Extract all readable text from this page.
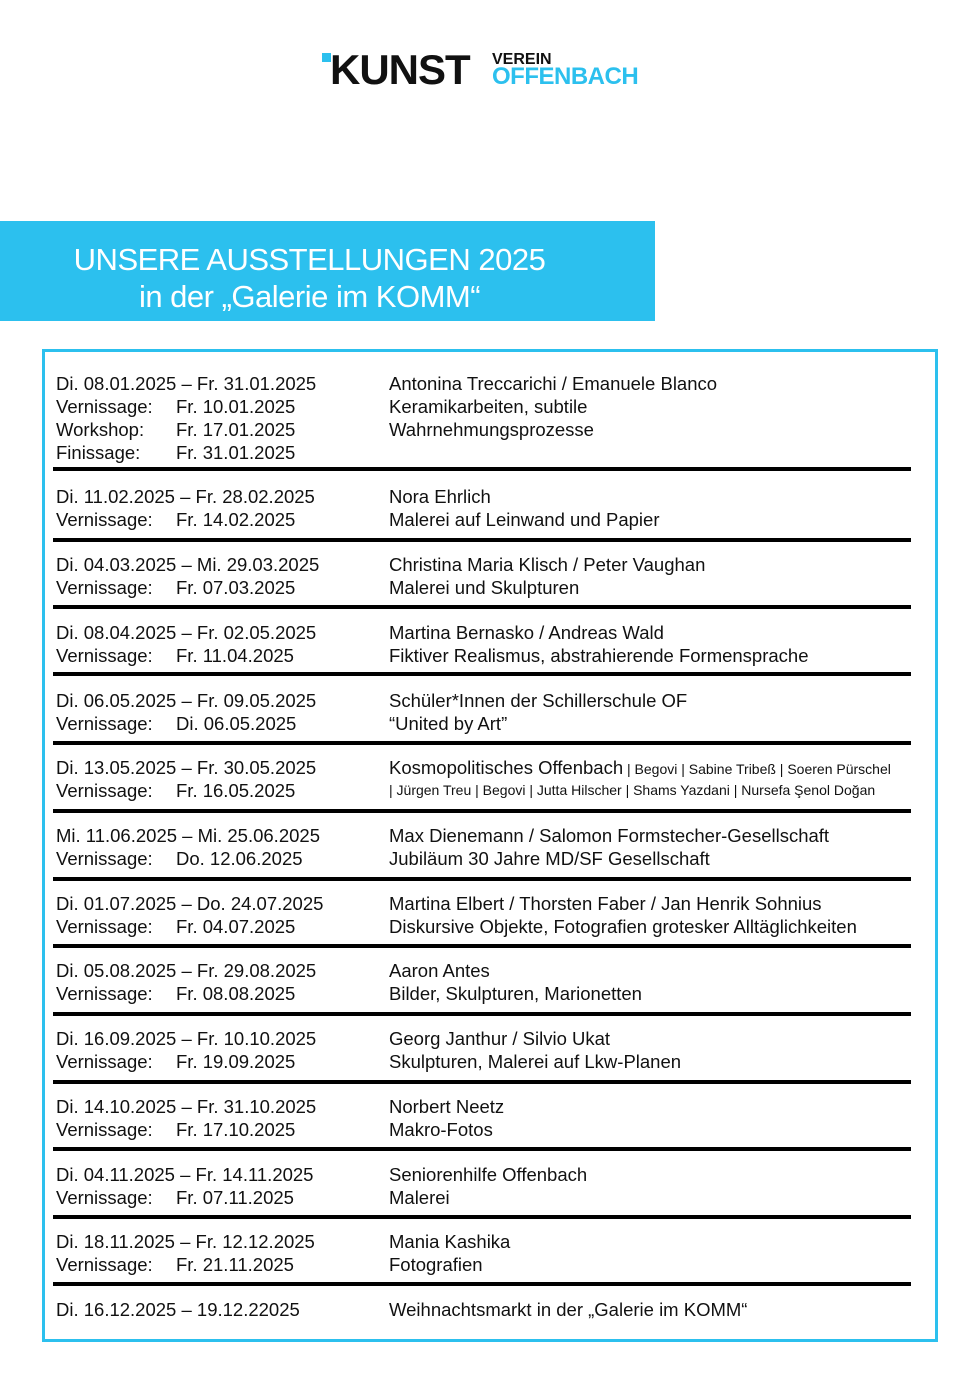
KUNST VEREIN
OFFENBACH
UNSERE AUSSTELLUNGEN 2025
in der „Galerie im KOMM“
Di. 08.01.2025 – Fr. 31.01.2025
Vernissage: Fr. 10.01.2025
Workshop: Fr. 17.01.2025
Finissage: Fr. 31.01.2025
Antonina Treccarichi / Emanuele Blanco
Keramikarbeiten, subtile
Wahrnehmungsprozesse
Di. 11.02.2025 – Fr. 28.02.2025
Vernissage: Fr. 14.02.2025
Nora Ehrlich
Malerei auf Leinwand und Papier
Di. 04.03.2025 – Mi. 29.03.2025
Vernissage: Fr. 07.03.2025
Christina Maria Klisch / Peter Vaughan
Malerei und Skulpturen
Di. 08.04.2025 – Fr. 02.05.2025
Vernissage: Fr. 11.04.2025
Martina Bernasko / Andreas Wald
Fiktiver Realismus, abstrahierende Formensprache
Di. 06.05.2025 – Fr. 09.05.2025
Vernissage: Di. 06.05.2025
Schüler*Innen der Schillerschule OF
“United by Art”
Di. 13.05.2025 – Fr. 30.05.2025
Vernissage: Fr. 16.05.2025
Kosmopolitisches Offenbach | Begovi | Sabine Tribeß | Soeren Pürschel
| Jürgen Treu | Begovi | Jutta Hilscher | Shams Yazdani | Nursefa Şenol Doğan
Mi. 11.06.2025 – Mi. 25.06.2025
Vernissage: Do. 12.06.2025
Max Dienemann / Salomon Formstecher-Gesellschaft
Jubiläum 30 Jahre MD/SF Gesellschaft
Di. 01.07.2025 – Do. 24.07.2025
Vernissage: Fr. 04.07.2025
Martina Elbert / Thorsten Faber / Jan Henrik Sohnius
Diskursive Objekte, Fotografien grotesker Alltäglichkeiten
Di. 05.08.2025 – Fr. 29.08.2025
Vernissage: Fr. 08.08.2025
Aaron Antes
Bilder, Skulpturen, Marionetten
Di. 16.09.2025 – Fr. 10.10.2025
Vernissage: Fr. 19.09.2025
Georg Janthur / Silvio Ukat
Skulpturen, Malerei auf Lkw-Planen
Di. 14.10.2025 – Fr. 31.10.2025
Vernissage: Fr. 17.10.2025
Norbert Neetz
Makro-Fotos
Di. 04.11.2025 – Fr. 14.11.2025
Vernissage: Fr. 07.11.2025
Seniorenhilfe Offenbach
Malerei
Di. 18.11.2025 – Fr. 12.12.2025
Vernissage: Fr. 21.11.2025
Mania Kashika
Fotografien
Di. 16.12.2025 – 19.12.22025	Weihnachtsmarkt in der „Galerie im KOMM“
